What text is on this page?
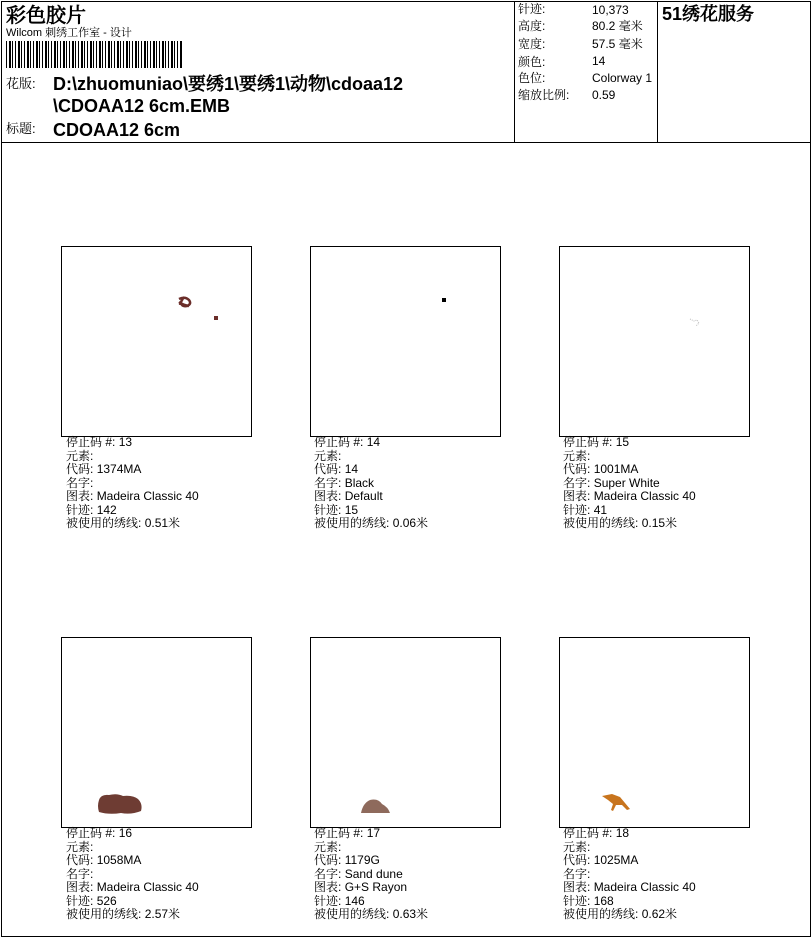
彩色胶片
Wilcom 刺绣工作室 - 设计
花版: D:\zhuomuniao\要绣1\要绣1\动物\cdoaa12
\CDOAA12 6cm.EMB
标题: CDOAA12 6cm
针迹:	10,373
高度:	80.2 毫米
宽度:	57.5 毫米
颜色:	14
色位:	Colorway 1
缩放比例: 0.59
51绣花服务
停止码 #: 13
元素:
代码: 1374MA
名字:
图表: Madeira Classic 40
针迹: 142
被使用的绣线: 0.51米
停止码 #: 14
元素:
代码: 14
名字: Black
图表: Default
针迹: 15
被使用的绣线: 0.06米
停止码 #: 15
元素:
代码: 1001MA
名字: Super White
图表: Madeira Classic 40
针迹: 41
被使用的绣线: 0.15米
停止码 #: 16
元素:
代码: 1058MA
名字:
图表: Madeira Classic 40
针迹: 526
被使用的绣线: 2.57米
停止码 #: 17
元素:
代码: 1179G
名字: Sand dune
图表: G+S Rayon
针迹: 146
被使用的绣线: 0.63米
停止码 #: 18
元素:
代码: 1025MA
名字:
图表: Madeira Classic 40
针迹: 168
被使用的绣线: 0.62米
